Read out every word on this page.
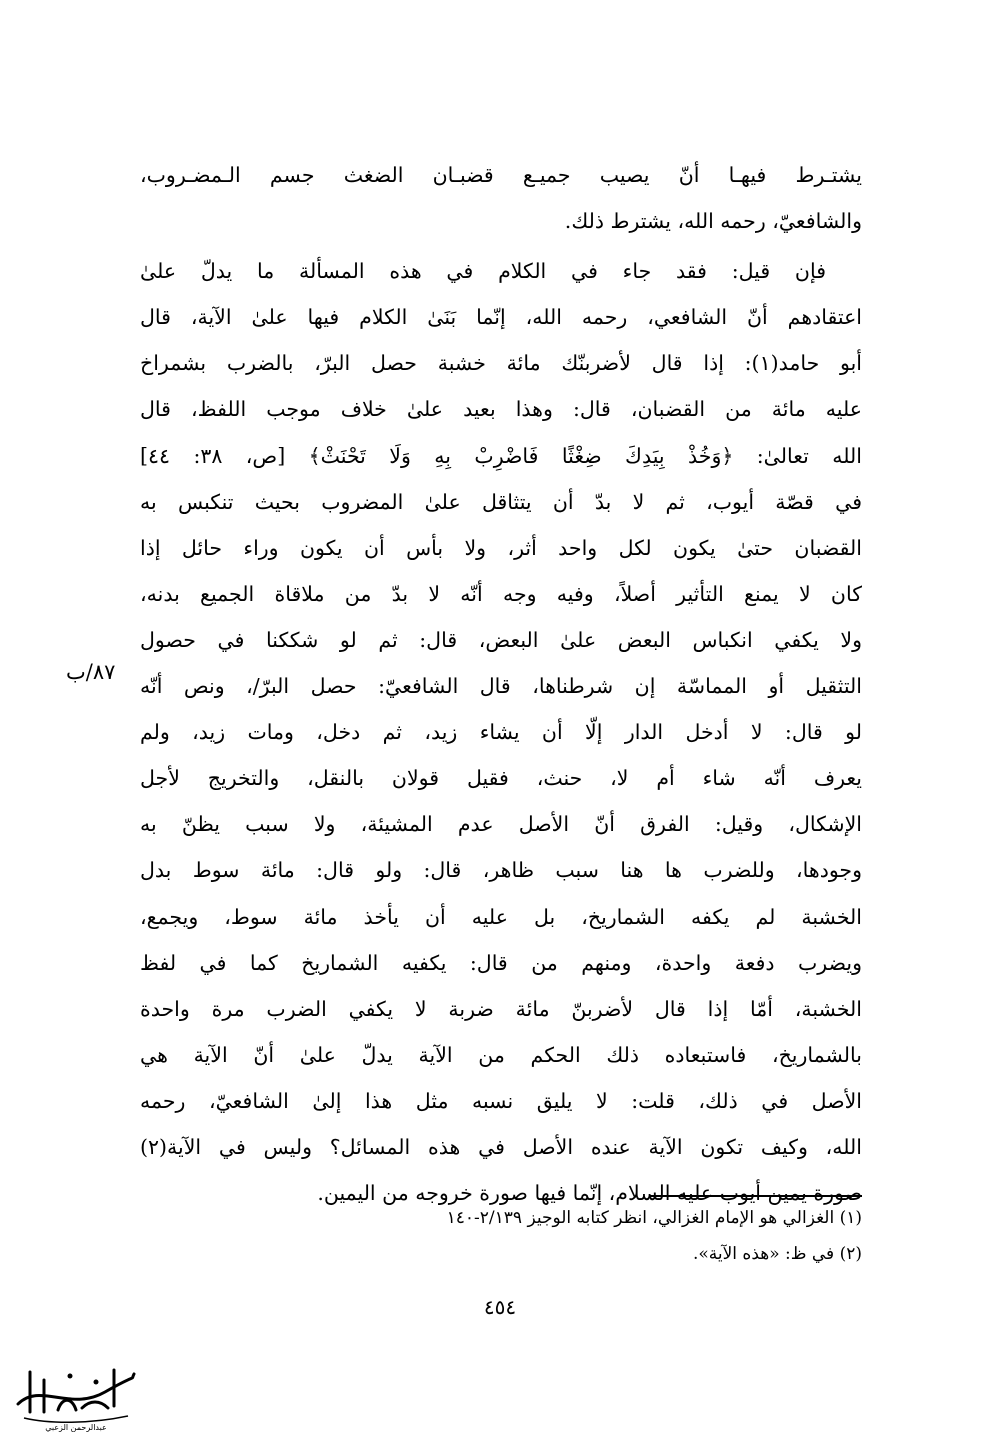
يشتـرط فيهـا أنّ يصيب جميـع قضبـان الضغث جسم الـمضـروب،
والشافعيّ، رحمه الله، يشترط ذلك.
فإن قيل: فقد جاء في الكلام في هذه المسألة ما يدلّ علىٰ
اعتقادهم أنّ الشافعي، رحمه الله، إنّما بَنَىٰ الكلام فيها علىٰ الآية، قال
أبو حامد(١): إذا قال لأضربنّك مائة خشبة حصل البرّ، بالضرب بشمراخ
عليه مائة من القضبان، قال: وهذا بعيد علىٰ خلاف موجب اللفظ، قال
الله تعالىٰ: ﴿وَخُذْ بِيَدِكَ ضِغْثًا فَاضْرِبْ بِهِ وَلَا تَحْنَثْ﴾ [ص، ٣٨: ٤٤]
في قصّة أيوب، ثم لا بدّ أن يتثاقل علىٰ المضروب بحيث تنكبس به
القضبان حتىٰ يكون لكل واحد أثر، ولا بأس أن يكون وراء حائل إذا
كان لا يمنع التأثير أصلاً، وفيه وجه أنّه لا بدّ من ملاقاة الجميع بدنه،
ولا يكفي انكباس البعض علىٰ البعض، قال: ثم لو شككنا في حصول
التثقيل أو المماسّة إن شرطناها، قال الشافعيّ: حصل البرّ/، ونص أنّه
لو قال: لا أدخل الدار إلّا أن يشاء زيد، ثم دخل، ومات زيد، ولم
يعرف أنّه شاء أم لا، حنث، فقيل قولان بالنقل، والتخريج لأجل
الإشكال، وقيل: الفرق أنّ الأصل عدم المشيئة، ولا سبب يظنّ به
وجودها، وللضرب ها هنا سبب ظاهر، قال: ولو قال: مائة سوط بدل
الخشبة لم يكفه الشماريخ، بل عليه أن يأخذ مائة سوط، ويجمع،
ويضرب دفعة واحدة، ومنهم من قال: يكفيه الشماريخ كما في لفظ
الخشبة، أمّا إذا قال لأضربنّ مائة ضربة لا يكفي الضرب مرة واحدة
بالشماريخ، فاستبعاده ذلك الحكم من الآية يدلّ علىٰ أنّ الآية هي
الأصل في ذلك، قلت: لا يليق نسبه مثل هذا إلىٰ الشافعيّ، رحمه
الله، وكيف تكون الآية عنده الأصل في هذه المسائل؟ وليس في الآية(٢)
صورة يمين أيوب عليه السلام، إنّما فيها صورة خروجه من اليمين.
٨٧/ب
(١) الغزالي هو الإمام الغزالي، انظر كتابه الوجيز ٢/١٣٩-١٤٠
(٢) في ظ: «هذه الآية».
٤٥٤
عبدالرحمن الزعبي
